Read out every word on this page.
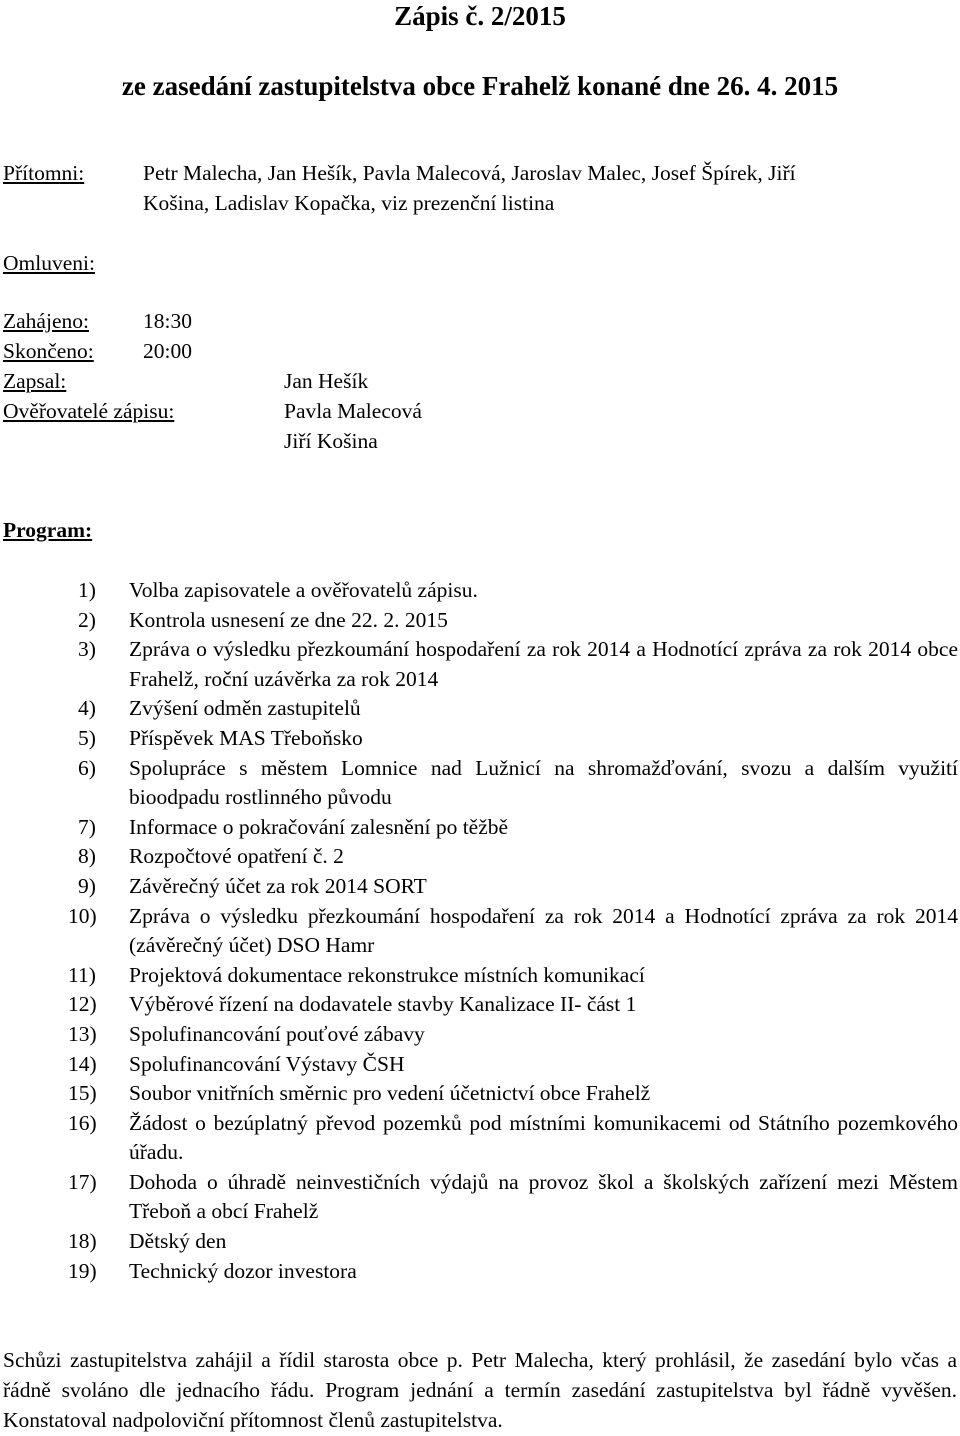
Zápis č. 2/2015
ze zasedání zastupitelstva obce Frahelž konané dne 26. 4. 2015
Přítomni:	Petr Malecha, Jan Hešík, Pavla Malecová, Jaroslav Malec, Josef Špírek, Jiří
Košina, Ladislav Kopačka, viz prezenční listina
Omluveni:
Zahájeno:	18:30
Skončeno: 20:00
Zapsal:	Jan Hešík
Ověřovatelé zápisu:	Pavla Malecová
Jiří Košina
Program:
1)	Volba zapisovatele a ověřovatelů zápisu.
2)	Kontrola usnesení ze dne 22. 2. 2015
3)	Zpráva o výsledku přezkoumání hospodaření za rok 2014 a Hodnotící zpráva za rok 2014 obce Frahelž, roční uzávěrka za rok 2014
4)	Zvýšení odměn zastupitelů
5)	Příspěvek MAS Třeboňsko
6)	Spolupráce s městem Lomnice nad Lužnicí na shromažďování, svozu a dalším využití bioodpadu rostlinného původu
7)	Informace o pokračování zalesnění po těžbě
8)	Rozpočtové opatření č. 2
9)	Závěrečný účet za rok 2014 SORT
10)	Zpráva o výsledku přezkoumání hospodaření za rok 2014 a Hodnotící zpráva za rok 2014 (závěrečný účet) DSO Hamr
11)	Projektová dokumentace rekonstrukce místních komunikací
12)	Výběrové řízení na dodavatele stavby Kanalizace II- část 1
13)	Spolufinancování pouťové zábavy
14)	Spolufinancování Výstavy ČSH
15)	Soubor vnitřních směrnic pro vedení účetnictví obce Frahelž
16)	Žádost o bezúplatný převod pozemků pod místními komunikacemi od Státního pozemkového úřadu.
17)	Dohoda o úhradě neinvestičních výdajů na provoz škol a školských zařízení mezi Městem Třeboň a obcí Frahelž
18)	Dětský den
19)	Technický dozor investora

Schůzi zastupitelstva zahájil a řídil starosta obce p. Petr Malecha, který prohlásil, že zasedání bylo včas a řádně svoláno dle jednacího řádu. Program jednání a termín zasedání zastupitelstva byl řádně vyvěšen. Konstatoval nadpoloviční přítomnost členů zastupitelstva.
